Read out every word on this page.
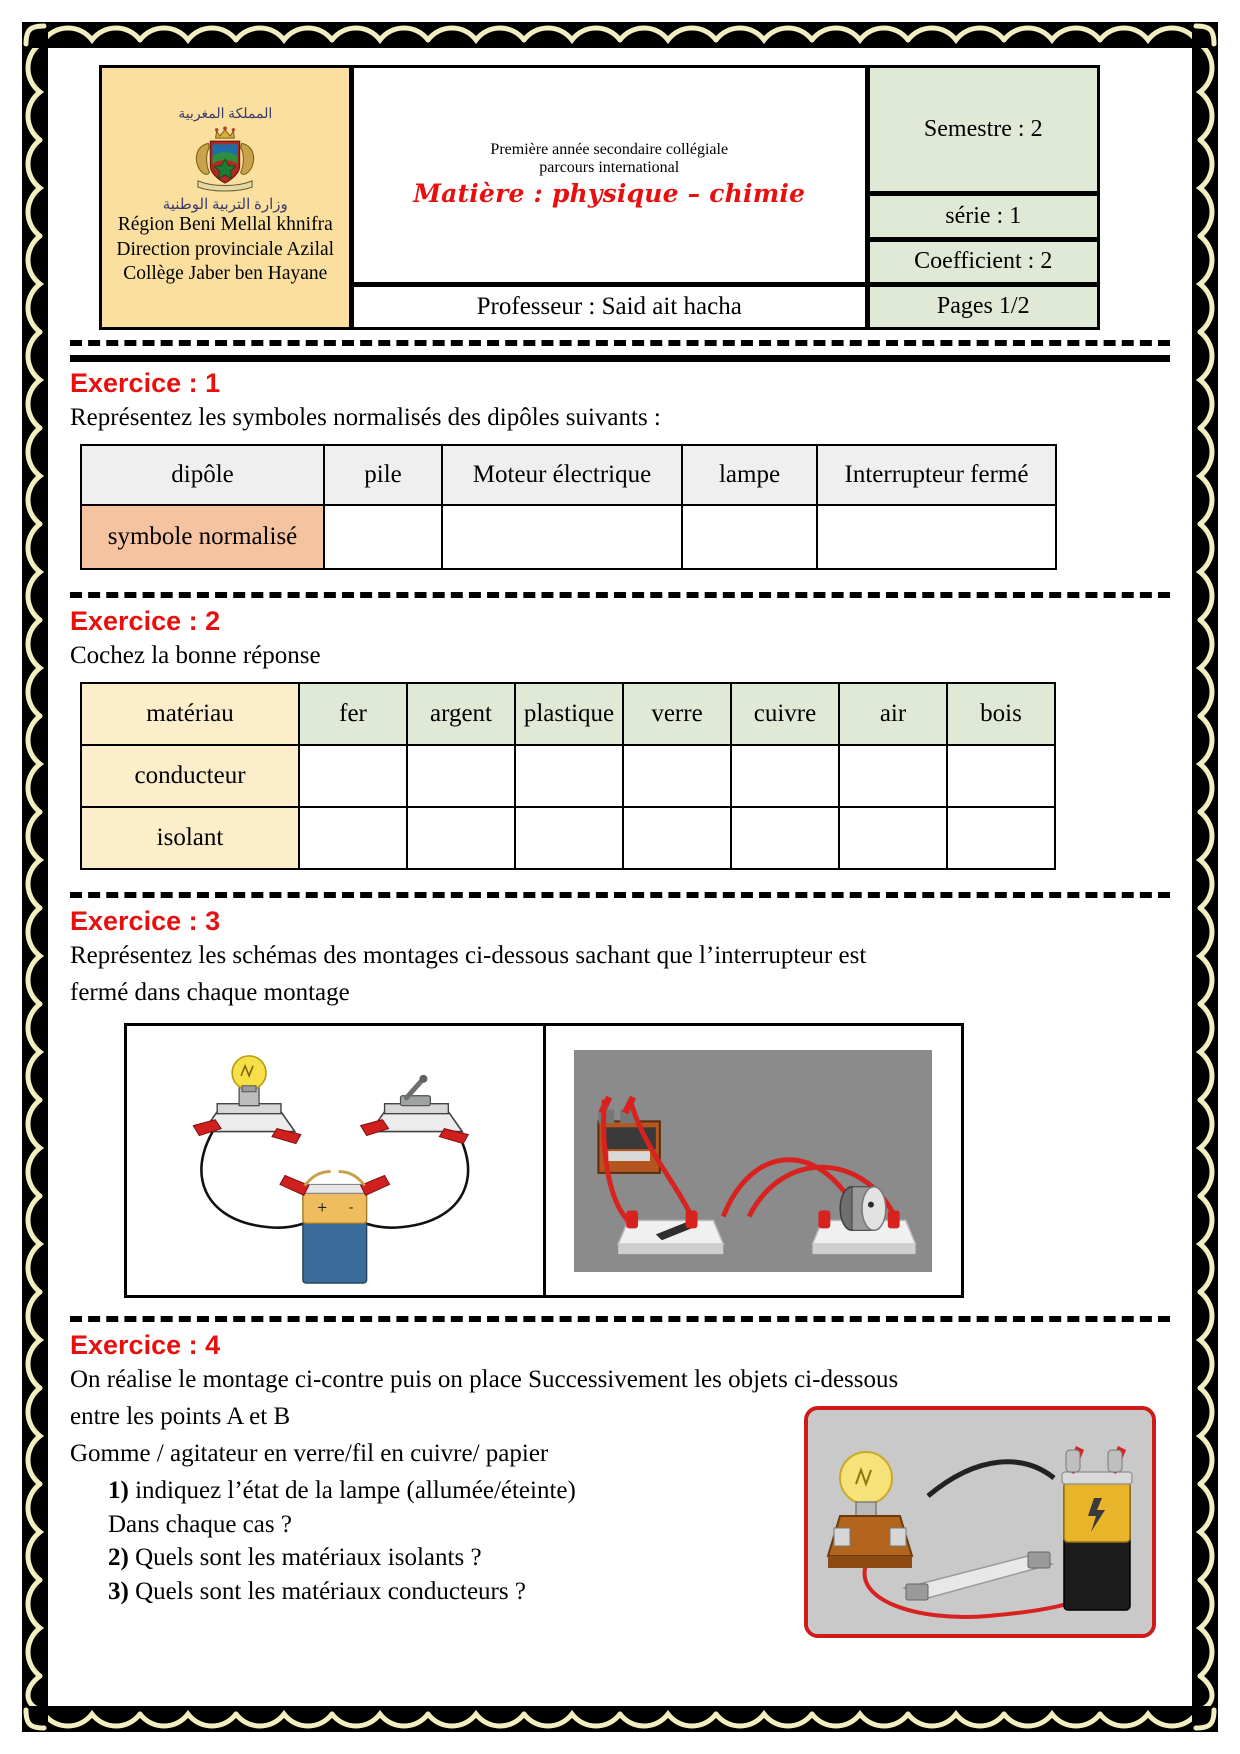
المملكة المغربية
وزارة التربية الوطنية
Région Beni Mellal khnifra
Direction provinciale Azilal
Collège Jaber ben Hayane
Première année secondaire collégiale
parcours international
Matière : physique – chimie
Professeur : Said ait hacha
Semestre : 2
série : 1
Coefficient : 2
Pages 1/2
Exercice : 1
Représentez les symboles normalisés des dipôles suivants :
dipôle	pile	Moteur électrique	lampe	Interrupteur fermé
symbole normalisé				
Exercice : 2
Cochez la bonne réponse
matériau	fer	argent	plastique	verre	cuivre	air	bois
conducteur							
isolant							
Exercice : 3
Représentez les schémas des montages ci-dessous sachant que l’interrupteur est
fermé dans chaque montage
+ -
Exercice : 4
On réalise le montage ci-contre puis on place Successivement les objets ci-dessous
entre les points A et B
Gomme / agitateur en verre/fil en cuivre/ papier
1) indiquez l’état de la lampe (allumée/éteinte)
Dans chaque cas ?
2) Quels sont les matériaux isolants ?
3) Quels sont les matériaux conducteurs ?
